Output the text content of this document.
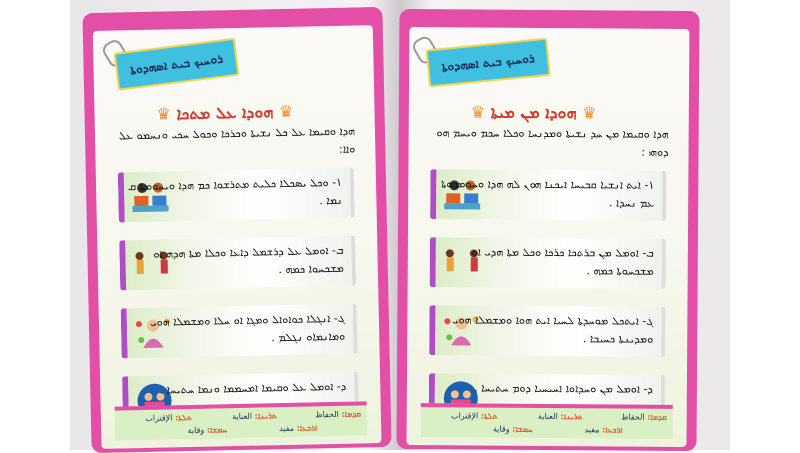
ܪܘܚܝܟ ܒܝܬ ܐܣܗܕܘܬܐ
♛ ܗܘܕܐ ܥܠ ܡܬܟܐ ♛
ܗܕܐ ܘܩܝܡܐ ܥܠ ܟܠ ܢܫܝܬܐ ܘܟܪܟܐ ܘܟܘܠ ܚܟܝ ܘܢܚܡܘ ܥܠ ܘܐܐ:
١- ܘܟܠ ܝܣܟܠܐ ܟܠܝܬ ܡܬܪܫܘܐ ܟܡ ܗܕܐ ܘܝܚܘܡܬܐ ܩ ܢܡܐ .
ܒ- ܐܘܡܠ ܥܠ ܕܪܫܡܠ ܕܐܥܐ ܘܟܠܐ ܡܬܐ ܗܕܗ ܐܘ ܡܫܟܚܘܐ ܟܡܗ .
ܓ- ܐܢܓܠܐ ܟܘܐܘܐܠ ܘܡܓܐ ܐܘ ܚܠܐ ܘܡܫܡܠܐ ܗܘܝ ܘܡܐܢܡܐܘ ܢܓܠܡ .
ܕ- ܐܘܡܠ ܥܠ ܘܩܝܡܐ ܐܡܚܡܡܐ ܘܢܡܐ ܚܬܝܚܐ .
ܩܕܡܐ: الحفاظ
ܬܪܝܢܐ: العناية
ܬܠܬܐ: الإقتراب
ܐܪܒܥܐ: مفيد
ܚܡܫܐ: وقاية
ܪܘܚܝܟ ܒܝܬ ܐܣܗܕܘܬܐ
♛ ܗܘܕܐ ܡܢ ܡܝܬܐ ♛
ܗܕܐ ܘܩܝܡܐ ܡܢ ܚܕ ܢܫܝܬܐ ܘܡܕܢܚܐ ܘܟܠܐ ܚܟܡ ܘܝܚܡ ܗܘ ܕܘܗܝ :
١- ܐܝܬ ܐܢܫܝܐ ܩܒܝܚܐ ܐܝܟܢܐ ܗܘܢ ܠܗ ܗܕܐ ܘܚܘܡܟܘܬܐ ܥܡ ܢܚܕܐ .
ܒ- ܐܘܡܠ ܡܢ ܒܪܬܟܐ ܟܪܟܐ ܘܟܠ ܡܬܐ ܗܕܝ ܐܘ ܡܫܟܚܘܬܐ ܟܡܗ .
ܓ- ܐܝܬܟܠ ܡܘܚܕܬܐ ܠܚܝܐ ܐܝܬ ܗܘܐ ܘܡܫܡܠܐ ܗܘܝ ܘܡܕܝܢܬܐ ܟܚܝܒܐ .
ܕ- ܐܘܡܠ ܡܢ ܘܚܕܐܘܐ ܐܚܝܚܝܐ ܕܘܡ ܚܬܝܚܐ .
ܩܕܡܐ: الحفاظ
ܬܪܝܢܐ: العناية
ܬܠܬܐ: الإقتراب
ܐܪܒܥܐ: مفيد
ܚܡܫܐ: وقاية
